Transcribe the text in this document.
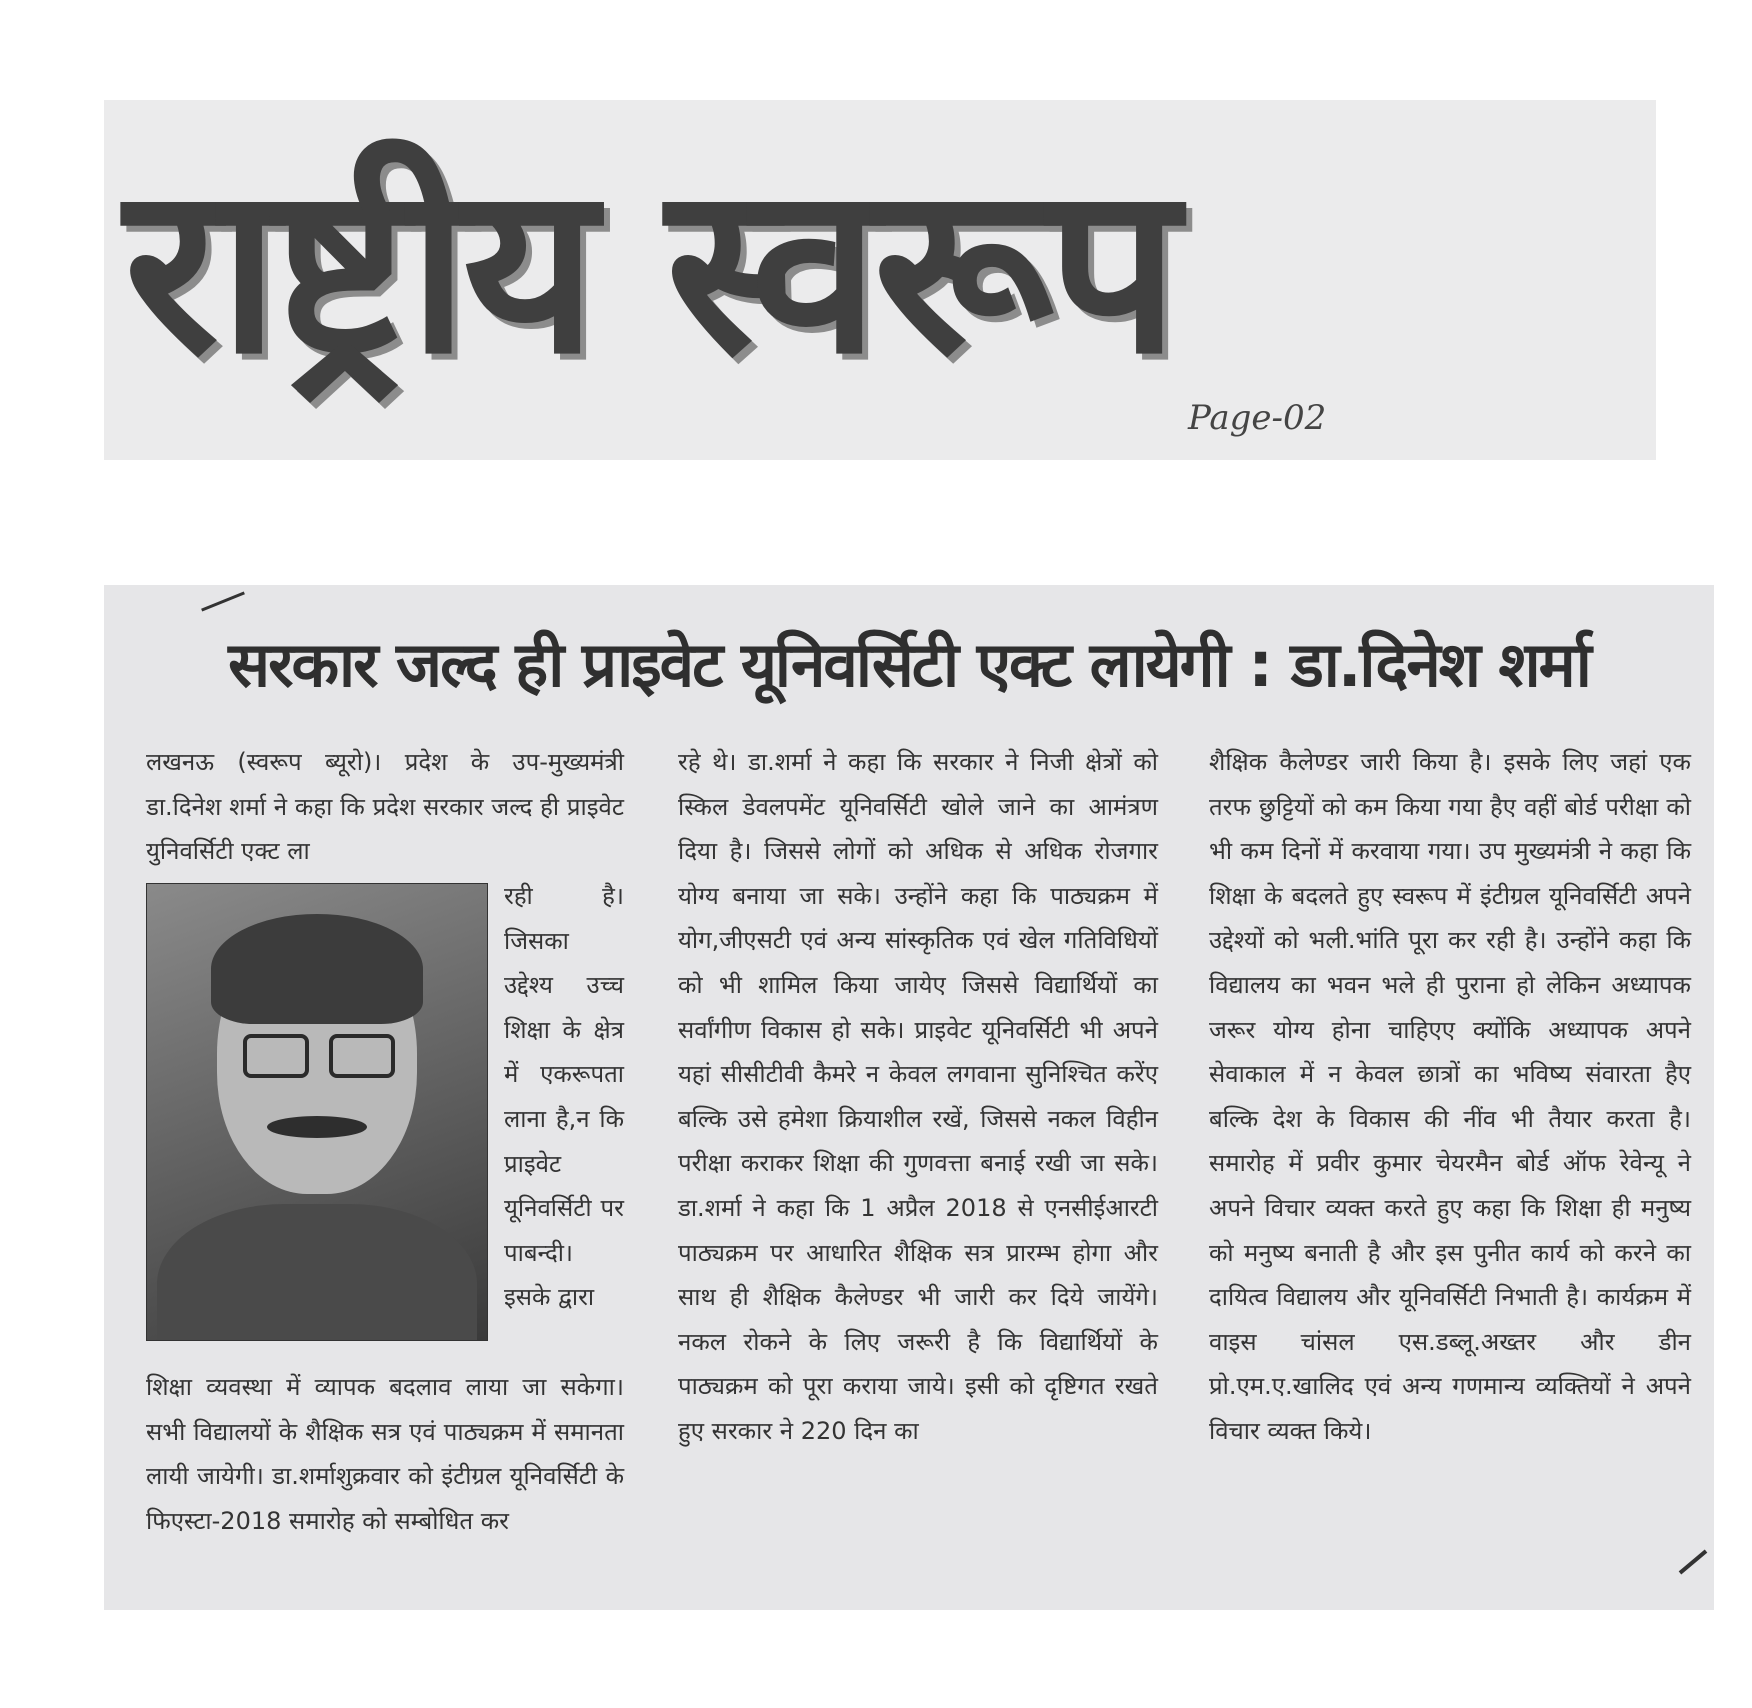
राष्ट्रीय स्वरूप
Page-02
सरकार जल्द ही प्राइवेट यूनिवर्सिटी एक्ट लायेगी : डा.दिनेश शर्मा

लखनऊ (स्वरूप ब्यूरो)। प्रदेश के उप-मुख्यमंत्री डा.दिनेश शर्मा ने कहा कि प्रदेश सरकार जल्द ही प्राइवेट युनिवर्सिटी एक्ट ला

रही है। जिसका उद्देश्य उच्च शिक्षा के क्षेत्र में एकरूपता लाना है,न कि प्राइवेट यूनिवर्सिटी पर पाबन्दी। इसके द्वारा

शिक्षा व्यवस्था में व्यापक बदलाव लाया जा सकेगा। सभी विद्यालयों के शैक्षिक सत्र एवं पाठ्यक्रम में समानता लायी जायेगी। डा.शर्माशुक्रवार को इंटीग्रल यूनिवर्सिटी के फिएस्टा-2018 समारोह को सम्बोधित कर

रहे थे। डा.शर्मा ने कहा कि सरकार ने निजी क्षेत्रों को स्किल डेवलपमेंट यूनिवर्सिटी खोले जाने का आमंत्रण दिया है। जिससे लोगों को अधिक से अधिक रोजगार योग्य बनाया जा सके। उन्होंने कहा कि पाठ्यक्रम में योग,जीएसटी एवं अन्य सांस्कृतिक एवं खेल गतिविधियों को भी शामिल किया जायेए जिससे विद्यार्थियों का सर्वांगीण विकास हो सके। प्राइवेट यूनिवर्सिटी भी अपने यहां सीसीटीवी कैमरे न केवल लगवाना सुनिश्चित करेंए बल्कि उसे हमेशा क्रियाशील रखें, जिससे नकल विहीन परीक्षा कराकर शिक्षा की गुणवत्ता बनाई रखी जा सके। डा.शर्मा ने कहा कि 1 अप्रैल 2018 से एनसीईआरटी पाठ्यक्रम पर आधारित शैक्षिक सत्र प्रारम्भ होगा और साथ ही शैक्षिक कैलेण्डर भी जारी कर दिये जायेंगे। नकल रोकने के लिए जरूरी है कि विद्यार्थियों के पाठ्यक्रम को पूरा कराया जाये। इसी को दृष्टिगत रखते हुए सरकार ने 220 दिन का

शैक्षिक कैलेण्डर जारी किया है। इसके लिए जहां एक तरफ छुट्टियों को कम किया गया हैए वहीं बोर्ड परीक्षा को भी कम दिनों में करवाया गया। उप मुख्यमंत्री ने कहा कि शिक्षा के बदलते हुए स्वरूप में इंटीग्रल यूनिवर्सिटी अपने उद्देश्यों को भली.भांति पूरा कर रही है। उन्होंने कहा कि विद्यालय का भवन भले ही पुराना हो लेकिन अध्यापक जरूर योग्य होना चाहिएए क्योंकि अध्यापक अपने सेवाकाल में न केवल छात्रों का भविष्य संवारता हैए बल्कि देश के विकास की नींव भी तैयार करता है। समारोह में प्रवीर कुमार चेयरमैन बोर्ड ऑफ रेवेन्यू ने अपने विचार व्यक्त करते हुए कहा कि शिक्षा ही मनुष्य को मनुष्य बनाती है और इस पुनीत कार्य को करने का दायित्व विद्यालय और यूनिवर्सिटी निभाती है। कार्यक्रम में वाइस चांसल एस.डब्लू.अख्तर और डीन प्रो.एम.ए.खालिद एवं अन्य गणमान्य व्यक्तियों ने अपने विचार व्यक्त किये।
